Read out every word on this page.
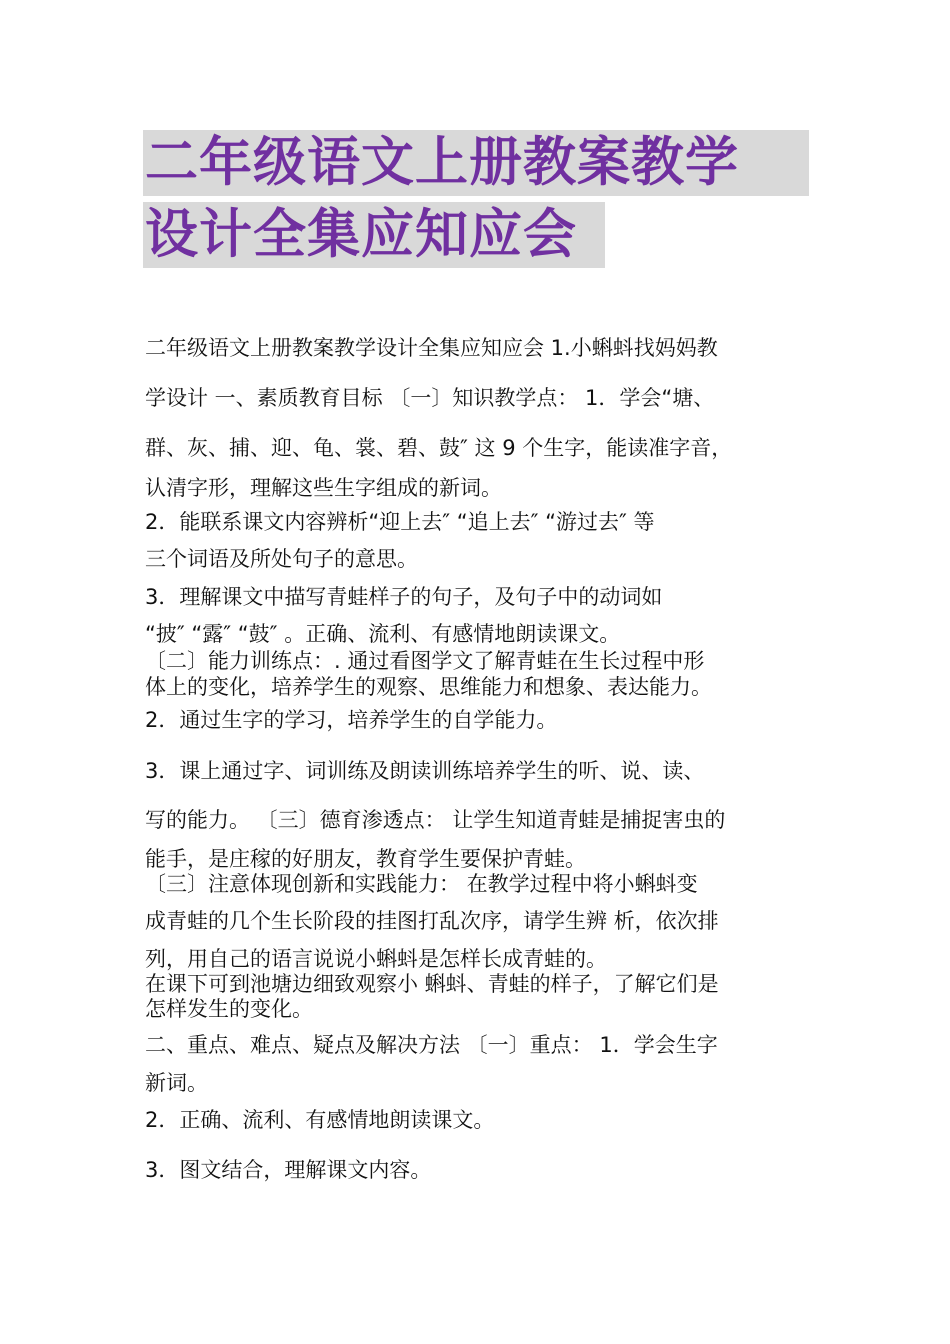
二年级语文上册教案教学
设计全集应知应会
二年级语文上册教案教学设计全集应知应会 1.小蝌蚪找妈妈教
学设计 一、素质教育目标 〔一〕知识教学点： 1．学会“塘、
群、灰、捕、迎、龟、裳、碧、鼓″ 这 9 个生字，能读准字音，
认清字形，理解这些生字组成的新词。
2．能联系课文内容辨析“迎上去″ “追上去″ “游过去″ 等
三个词语及所处句子的意思。
3．理解课文中描写青蛙样子的句子，及句子中的动词如
“披″ “露″ “鼓″ 。正确、流利、有感情地朗读课文。
〔二〕能力训练点：. 通过看图学文了解青蛙在生长过程中形
体上的变化，培养学生的观察、思维能力和想象、表达能力。
2．通过生字的学习，培养学生的自学能力。
3．课上通过字、词训练及朗读训练培养学生的听、说、读、
写的能力。 〔三〕德育渗透点： 让学生知道青蛙是捕捉害虫的
能手，是庄稼的好朋友，教育学生要保护青蛙。
〔三〕注意体现创新和实践能力： 在教学过程中将小蝌蚪变
成青蛙的几个生长阶段的挂图打乱次序，请学生辨 析，依次排
列，用自己的语言说说小蝌蚪是怎样长成青蛙的。
在课下可到池塘边细致观察小 蝌蚪、青蛙的样子，了解它们是
怎样发生的变化。
二、重点、难点、疑点及解决方法 〔一〕重点： 1．学会生字
新词。
2．正确、流利、有感情地朗读课文。
3．图文结合，理解课文内容。
